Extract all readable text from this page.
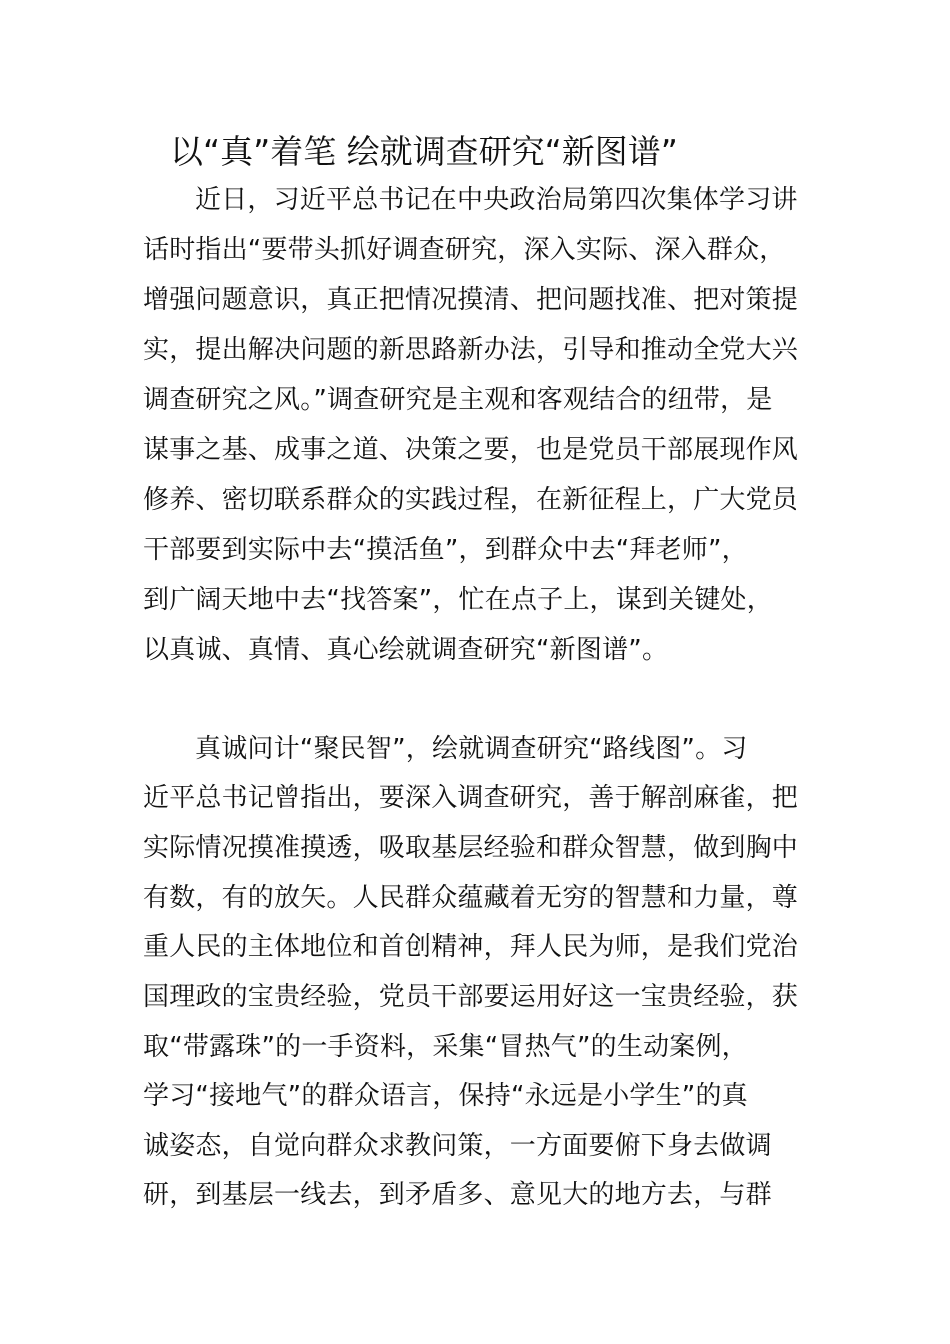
以“真”着笔 绘就调查研究“新图谱”
近日，习近平总书记在中央政治局第四次集体学习讲
话时指出“要带头抓好调查研究，深入实际、深入群众，
增强问题意识，真正把情况摸清、把问题找准、把对策提
实，提出解决问题的新思路新办法，引导和推动全党大兴
调查研究之风。”调查研究是主观和客观结合的纽带，是
谋事之基、成事之道、决策之要，也是党员干部展现作风
修养、密切联系群众的实践过程，在新征程上，广大党员
干部要到实际中去“摸活鱼”，到群众中去“拜老师”，
到广阔天地中去“找答案”，忙在点子上，谋到关键处，
以真诚、真情、真心绘就调查研究“新图谱”。
真诚问计“聚民智”，绘就调查研究“路线图”。习
近平总书记曾指出，要深入调查研究，善于解剖麻雀，把
实际情况摸准摸透，吸取基层经验和群众智慧，做到胸中
有数，有的放矢。人民群众蕴藏着无穷的智慧和力量，尊
重人民的主体地位和首创精神，拜人民为师，是我们党治
国理政的宝贵经验，党员干部要运用好这一宝贵经验，获
取“带露珠”的一手资料，采集“冒热气”的生动案例，
学习“接地气”的群众语言，保持“永远是小学生”的真
诚姿态，自觉向群众求教问策，一方面要俯下身去做调
研，到基层一线去，到矛盾多、意见大的地方去，与群
